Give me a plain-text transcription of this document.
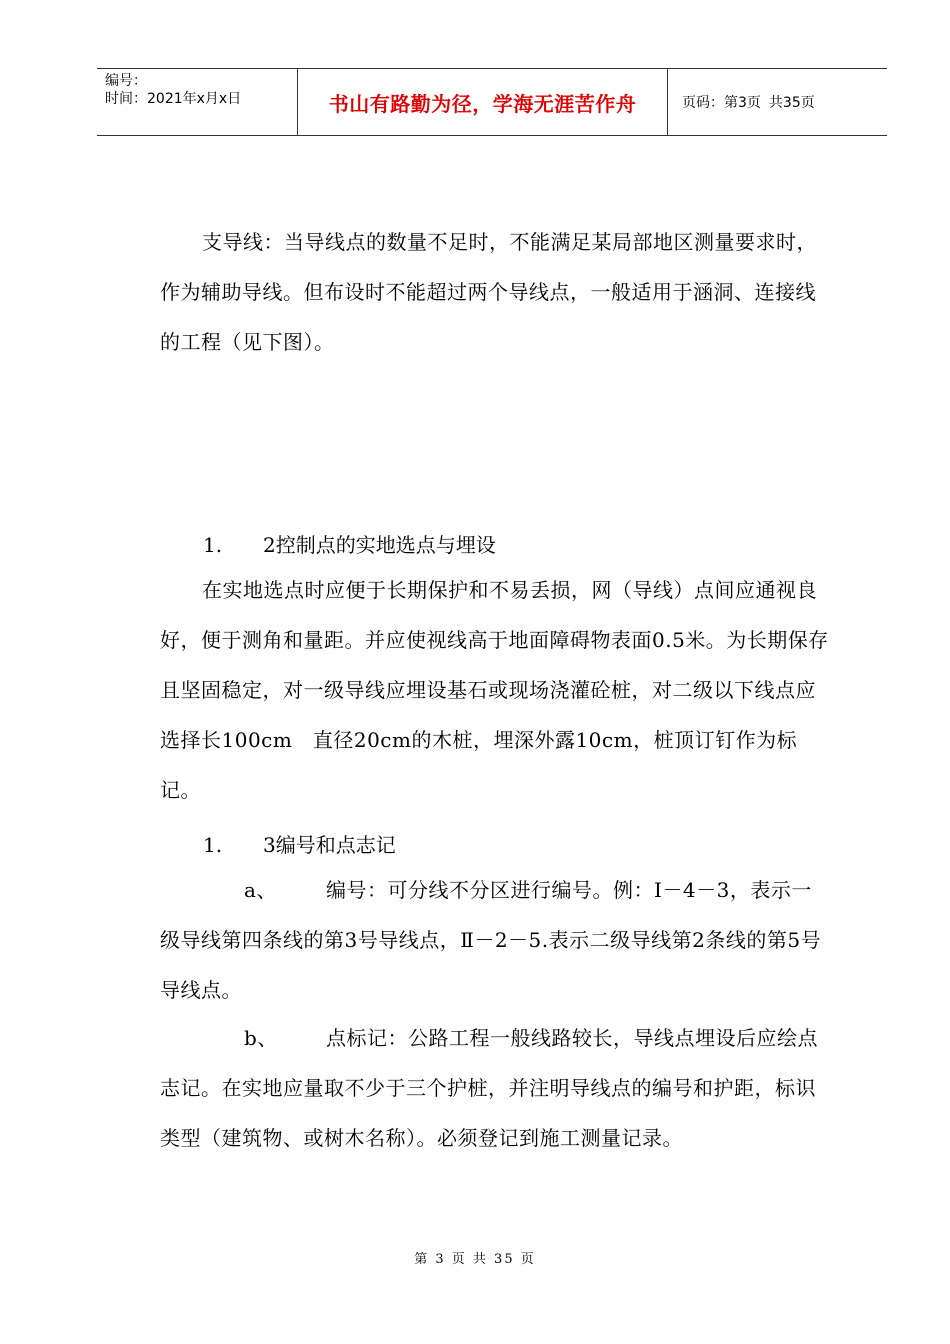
编号：
时间：2021年x月x日	书山有路勤为径，学海无涯苦作舟	页码：第3页 共35页
支导线：当导线点的数量不足时，不能满足某局部地区测量要求时，作为辅助导线。但布设时不能超过两个导线点，一般适用于涵洞、连接线的工程（见下图）。
1. 2控制点的实地选点与埋设
在实地选点时应便于长期保护和不易丢损，网（导线）点间应通视良好，便于测角和量距。并应使视线高于地面障碍物表面0.5米。为长期保存且坚固稳定，对一级导线应埋设基石或现场浇灌砼桩，对二级以下线点应选择长100cm　直径20cm的木桩，埋深外露10cm，桩顶订钉作为标记。
1. 3编号和点志记
a、 编号：可分线不分区进行编号。例：Ⅰ－4－3，表示一级导线第四条线的第3号导线点，Ⅱ－2－5.表示二级导线第2条线的第5号导线点。
b、 点标记：公路工程一般线路较长，导线点埋设后应绘点志记。在实地应量取不少于三个护桩，并注明导线点的编号和护距，标识类型（建筑物、或树木名称）。必须登记到施工测量记录。
第 3 页 共 35 页
